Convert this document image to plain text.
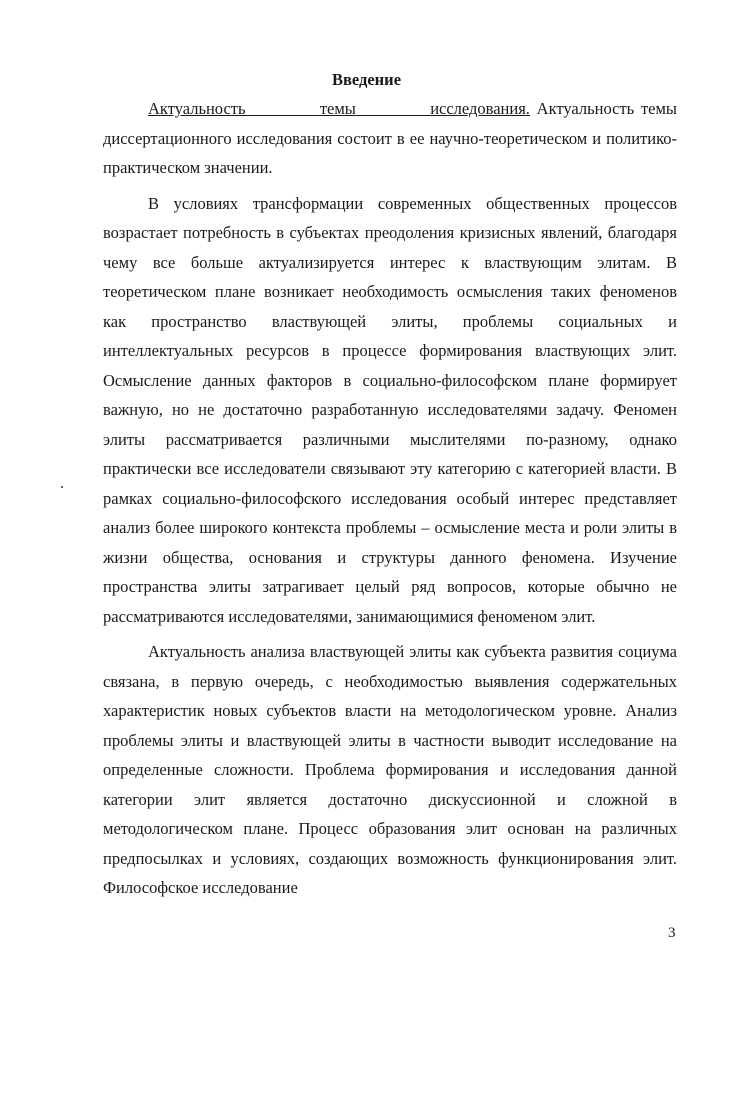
Введение

Актуальность	темы	исследования. Актуальность темы диссертационного исследования состоит в ее научно-теоретическом и политико-практическом значении.

В условиях трансформации современных общественных процессов возрастает потребность в субъектах преодоления кризисных явлений, благодаря чему все больше актуализируется интерес к властвующим элитам. В теоретическом плане возникает необходимость осмысления таких феноменов как пространство властвующей элиты, проблемы социальных и интеллектуальных ресурсов в процессе формирования властвующих элит. Осмысление данных факторов в социально-философском плане формирует важную, но не достаточно разработанную исследователями задачу. Феномен элиты рассматривается различными мыслителями по-разному, однако практически все исследователи связывают эту категорию с категорией власти. В рамках социально-философского исследования особый интерес представляет анализ более широкого контекста проблемы – осмысление места и роли элиты в жизни общества, основания и структуры данного феномена. Изучение пространства элиты затрагивает целый ряд вопросов, которые обычно не рассматриваются исследователями, занимающимися феноменом элит.

Актуальность анализа властвующей элиты как субъекта развития социума связана, в первую очередь, с необходимостью выявления содержательных характеристик новых субъектов власти на методологическом уровне. Анализ проблемы элиты и властвующей элиты в частности выводит исследование на определенные сложности. Проблема формирования и исследования данной категории элит является достаточно дискуссионной и сложной в методологическом плане. Процесс образования элит основан на различных предпосылках и условиях, создающих возможность функционирования элит. Философское исследование

3
